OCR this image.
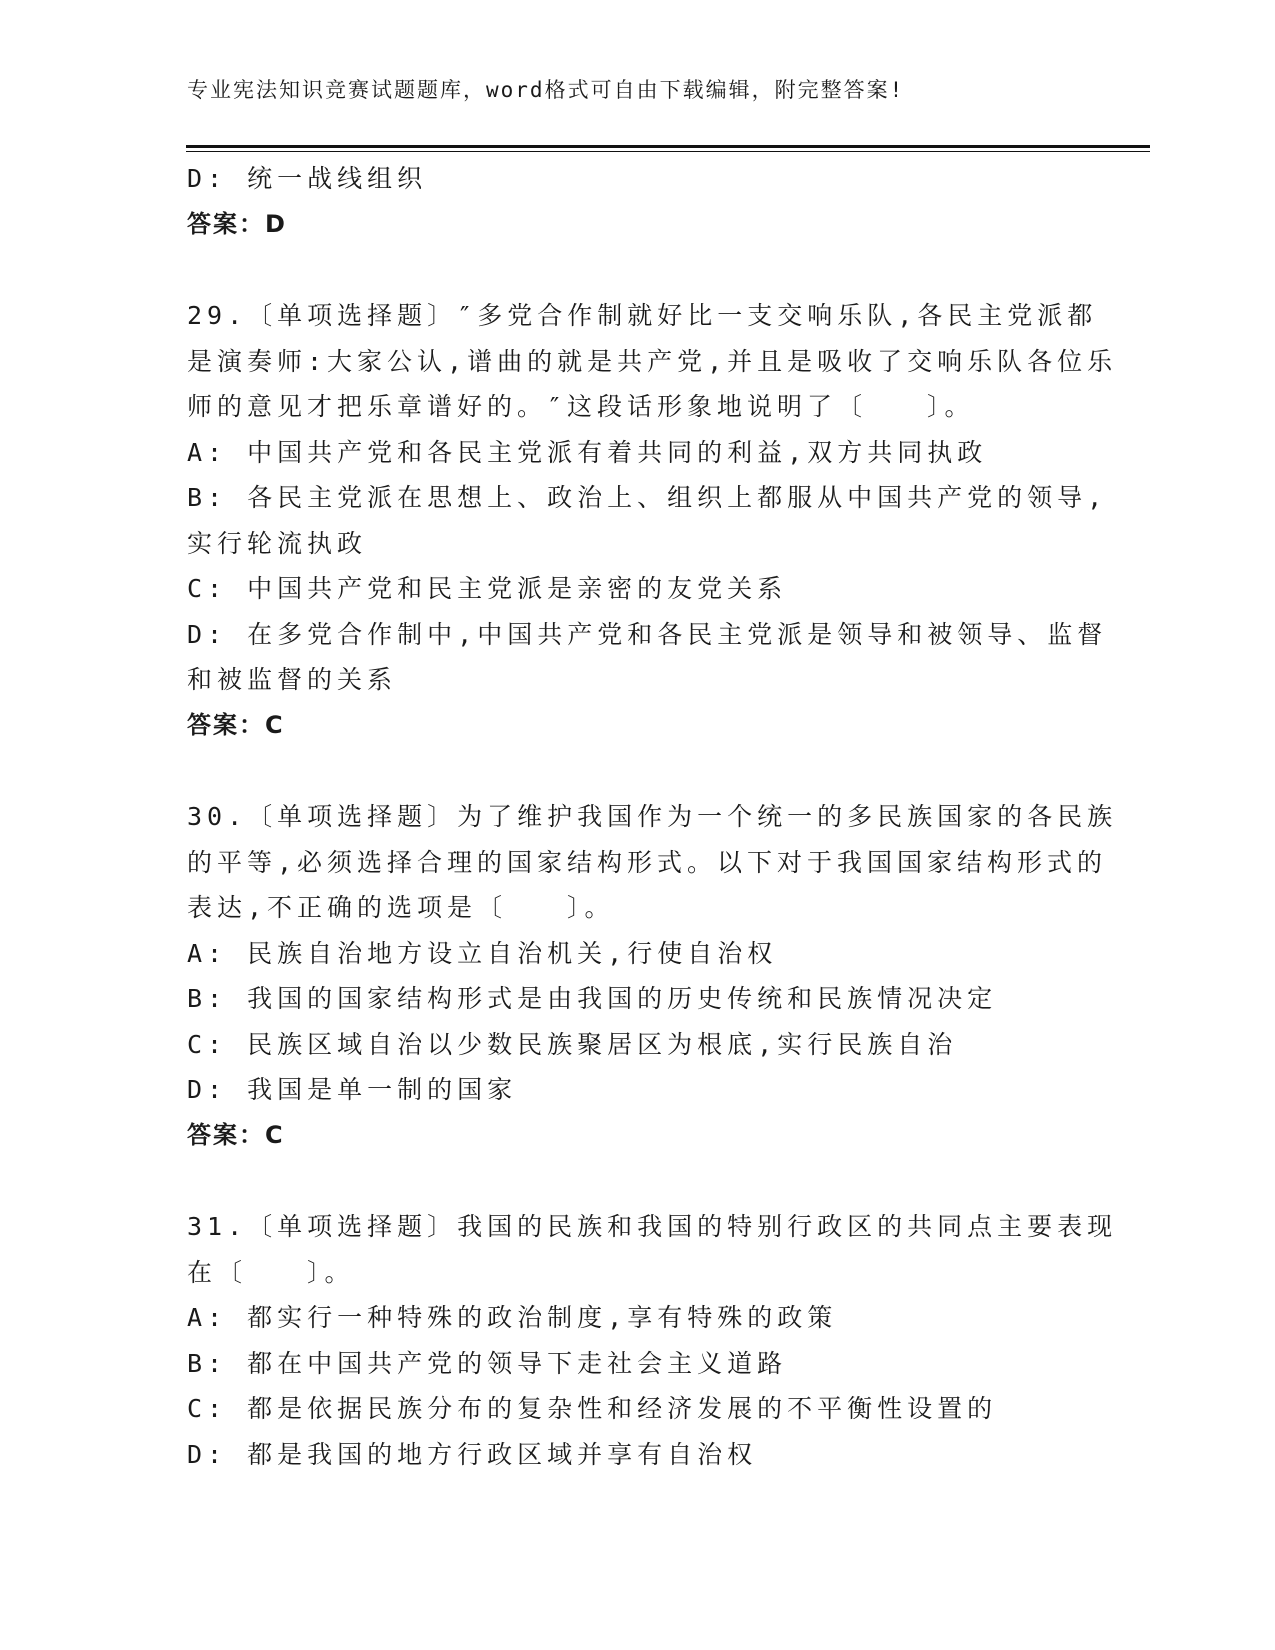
专业宪法知识竞赛试题题库，word格式可自由下载编辑，附完整答案!
D: 统一战线组织
答案：D
29.〔单项选择题〕″多党合作制就好比一支交响乐队,各民主党派都
是演奏师:大家公认,谱曲的就是共产党,并且是吸收了交响乐队各位乐
师的意见才把乐章谱好的。″这段话形象地说明了〔　　〕。
A: 中国共产党和各民主党派有着共同的利益,双方共同执政
B: 各民主党派在思想上、政治上、组织上都服从中国共产党的领导,
实行轮流执政
C: 中国共产党和民主党派是亲密的友党关系
D: 在多党合作制中,中国共产党和各民主党派是领导和被领导、监督
和被监督的关系
答案：C
30.〔单项选择题〕为了维护我国作为一个统一的多民族国家的各民族
的平等,必须选择合理的国家结构形式。以下对于我国国家结构形式的
表达,不正确的选项是〔　　〕。
A: 民族自治地方设立自治机关,行使自治权
B: 我国的国家结构形式是由我国的历史传统和民族情况决定
C: 民族区域自治以少数民族聚居区为根底,实行民族自治
D: 我国是单一制的国家
答案：C
31.〔单项选择题〕我国的民族和我国的特别行政区的共同点主要表现
在〔　　〕。
A: 都实行一种特殊的政治制度,享有特殊的政策
B: 都在中国共产党的领导下走社会主义道路
C: 都是依据民族分布的复杂性和经济发展的不平衡性设置的
D: 都是我国的地方行政区域并享有自治权
